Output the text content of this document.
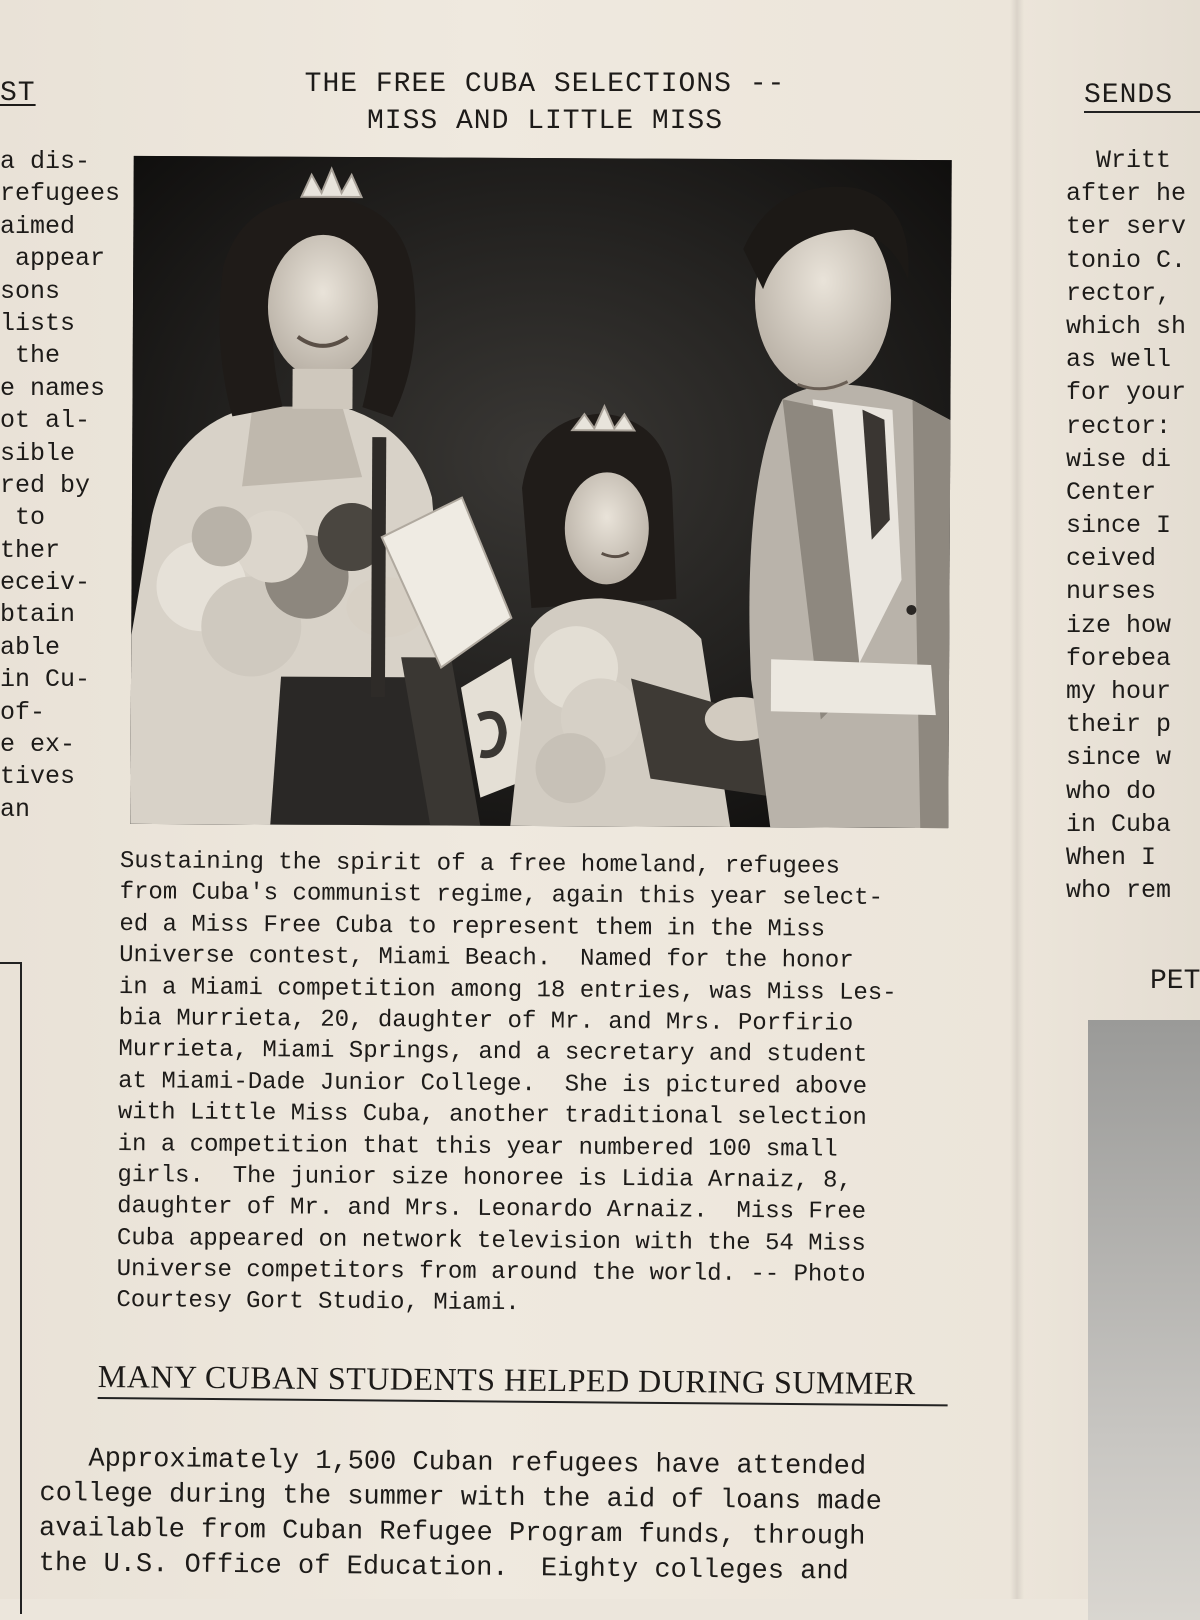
ST
a dis-
refugees
aimed
appear
sons
lists
the
e names
ot al-
sible
red by
to
ther
eceiv-
btain
able
in Cu-
of-
e ex-
tives
an
THE FREE CUBA SELECTIONS --
MISS AND LITTLE MISS
Sustaining the spirit of a free homeland, refugees
from Cuba's communist regime, again this year select-
ed a Miss Free Cuba to represent them in the Miss
Universe contest, Miami Beach.  Named for the honor
in a Miami competition among 18 entries, was Miss Les-
bia Murrieta, 20, daughter of Mr. and Mrs. Porfirio
Murrieta, Miami Springs, and a secretary and student
at Miami-Dade Junior College.  She is pictured above
with Little Miss Cuba, another traditional selection
in a competition that this year numbered 100 small
girls.  The junior size honoree is Lidia Arnaiz, 8,
daughter of Mr. and Mrs. Leonardo Arnaiz.  Miss Free
Cuba appeared on network television with the 54 Miss
Universe competitors from around the world. -- Photo
Courtesy Gort Studio, Miami.
MANY CUBAN STUDENTS HELPED DURING SUMMER
Approximately 1,500 Cuban refugees have attended
college during the summer with the aid of loans made
available from Cuban Refugee Program funds, through
the U.S. Office of Education.  Eighty colleges and
SENDS
Writt
after he
ter serv
tonio C.
rector,
which sh
as well
for your
rector:
wise di
Center
since I
ceived
nurses
ize how
forebea
my hour
their p
since w
who do
in Cuba
When I
who rem
PET
